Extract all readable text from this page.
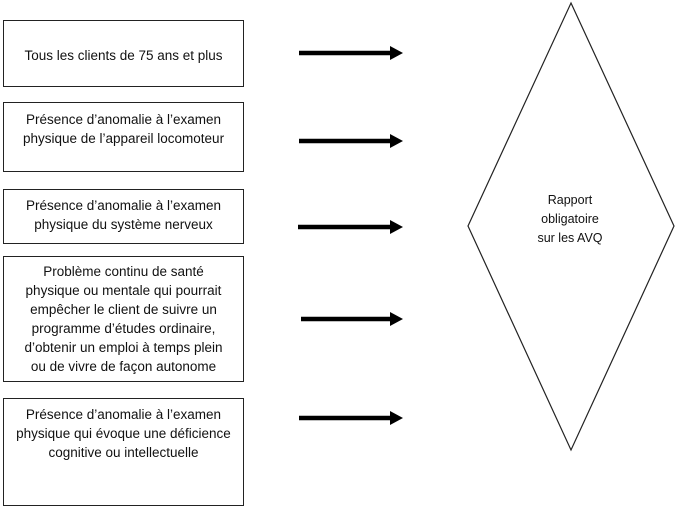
Tous les clients de 75 ans et plus
Présence d’anomalie à l’examen
physique de l’appareil locomoteur
Présence d’anomalie à l’examen
physique du système nerveux
Problème continu de santé
physique ou mentale qui pourrait
empêcher le client de suivre un
programme d’études ordinaire,
d’obtenir un emploi à temps plein
ou de vivre de façon autonome
Présence d’anomalie à l’examen
physique qui évoque une déficience
cognitive ou intellectuelle
Rapport
obligatoire
sur les AVQ
